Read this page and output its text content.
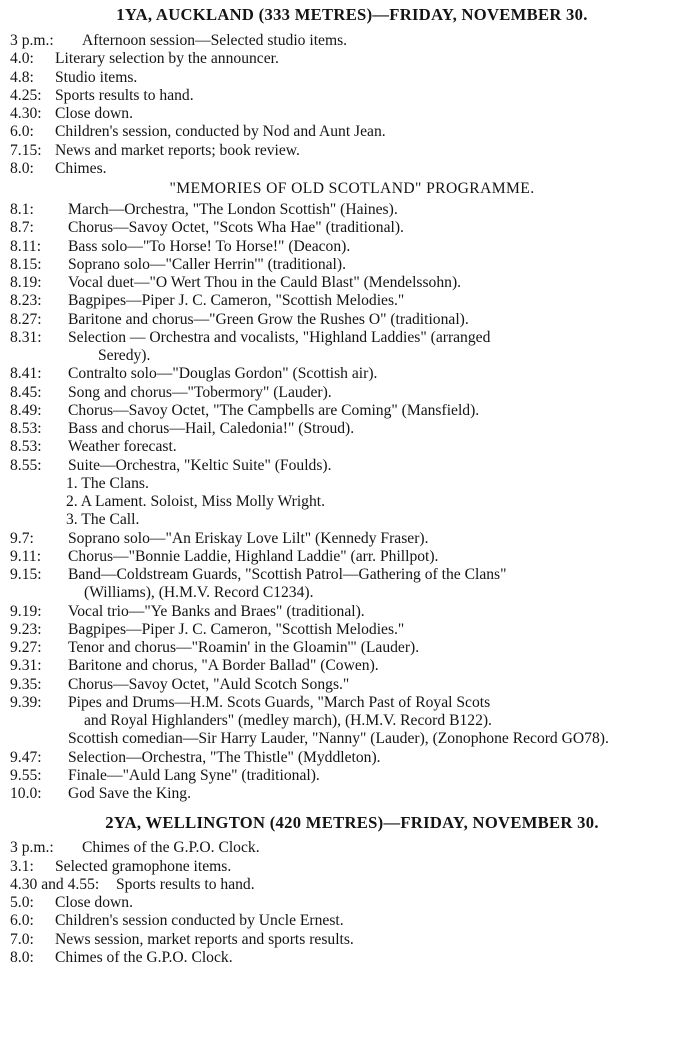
1YA, AUCKLAND (333 METRES)—FRIDAY, NOVEMBER 30.
3 p.m.:	Afternoon session—Selected studio items.
4.0:	Literary selection by the announcer.
4.8:	Studio items.
4.25: Sports results to hand.
4.30: Close down.
6.0:	Children's session, conducted by Nod and Aunt Jean.
7.15: News and market reports; book review.
8.0:	Chimes.
"MEMORIES OF OLD SCOTLAND" PROGRAMME.
8.1:	March—Orchestra, "The London Scottish" (Haines).
8.7:	Chorus—Savoy Octet, "Scots Wha Hae" (traditional).
8.11:	Bass solo—"To Horse! To Horse!" (Deacon).
8.15:	Soprano solo—"Caller Herrin'" (traditional).
8.19:	Vocal duet—"O Wert Thou in the Cauld Blast" (Mendelssohn).
8.23:	Bagpipes—Piper J. C. Cameron, "Scottish Melodies."
8.27:	Baritone and chorus—"Green Grow the Rushes O" (traditional).
8.31:	Selection — Orchestra and vocalists, "Highland Laddies" (arranged
Seredy).
8.41:	Contralto solo—"Douglas Gordon" (Scottish air).
8.45:	Song and chorus—"Tobermory" (Lauder).
8.49:	Chorus—Savoy Octet, "The Campbells are Coming" (Mansfield).
8.53:	Bass and chorus—Hail, Caledonia!" (Stroud).
8.53:	Weather forecast.
8.55:	Suite—Orchestra, "Keltic Suite" (Foulds).
1. The Clans.
2. A Lament. Soloist, Miss Molly Wright.
3. The Call.
9.7:	Soprano solo—"An Eriskay Love Lilt" (Kennedy Fraser).
9.11:	Chorus—"Bonnie Laddie, Highland Laddie" (arr. Phillpot).
9.15:	Band—Coldstream Guards, "Scottish Patrol—Gathering of the Clans"
(Williams), (H.M.V. Record C1234).
9.19:	Vocal trio—"Ye Banks and Braes" (traditional).
9.23:	Bagpipes—Piper J. C. Cameron, "Scottish Melodies."
9.27:	Tenor and chorus—"Roamin' in the Gloamin'" (Lauder).
9.31:	Baritone and chorus, "A Border Ballad" (Cowen).
9.35:	Chorus—Savoy Octet, "Auld Scotch Songs."
9.39:	Pipes and Drums—H.M. Scots Guards, "March Past of Royal Scots
and Royal Highlanders" (medley march), (H.M.V. Record B122).
Scottish comedian—Sir Harry Lauder, "Nanny" (Lauder), (Zonophone Record GO78).
9.47:	Selection—Orchestra, "The Thistle" (Myddleton).
9.55:	Finale—"Auld Lang Syne" (traditional).
10.0:	God Save the King.
2YA, WELLINGTON (420 METRES)—FRIDAY, NOVEMBER 30.
3 p.m.:	Chimes of the G.P.O. Clock.
3.1:	Selected gramophone items.
4.30 and 4.55:	Sports results to hand.
5.0:	Close down.
6.0:	Children's session conducted by Uncle Ernest.
7.0:	News session, market reports and sports results.
8.0:	Chimes of the G.P.O. Clock.
